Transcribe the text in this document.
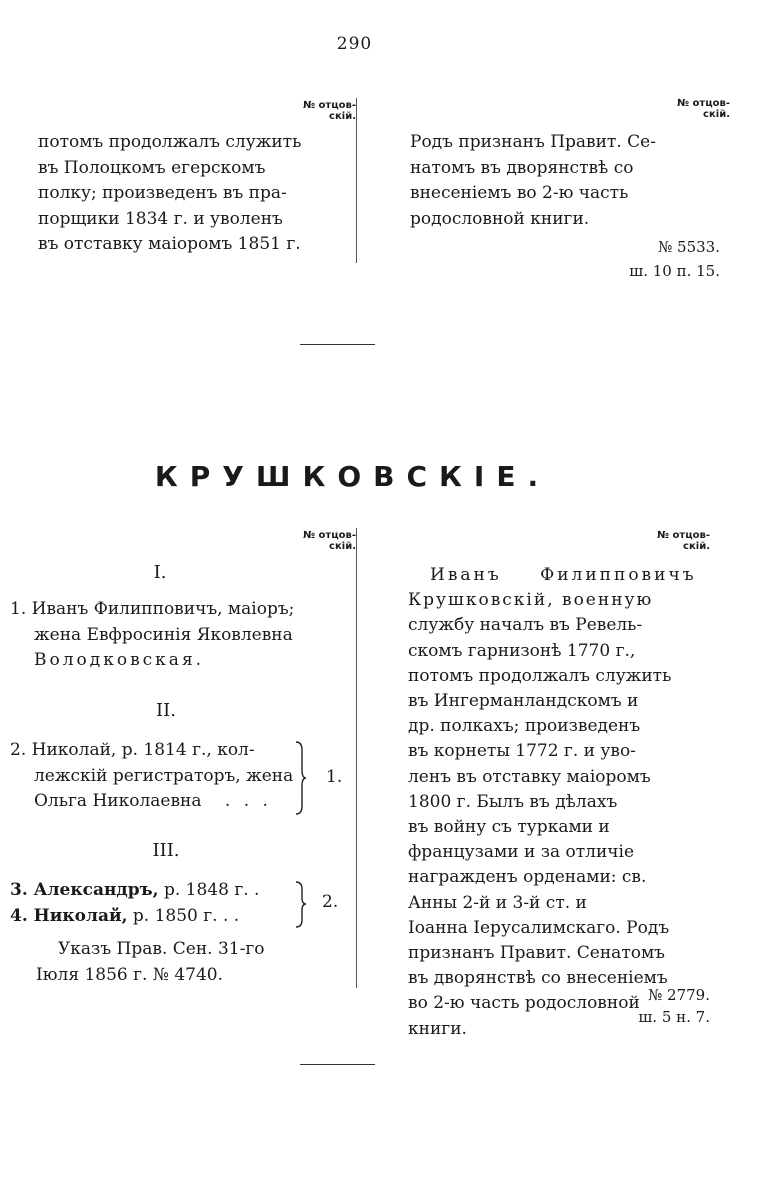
290
№ отцов-
скій.
№ отцов-
скій.
потомъ продолжалъ служить
въ Полоцкомъ егерскомъ
полку; произведенъ въ пра-
порщики 1834 г. и уволенъ
въ отставку маіоромъ 1851 г.
Родъ признанъ Правит. Се-
натомъ въ дворянствѣ со
внесеніемъ во 2-ю часть
родословной книги.
№ 5533.
ш. 10 п. 15.
КРУШКОВСКІЕ.
№ отцов-
скій.
№ отцов-
скій.
I.
1. Иванъ Филипповичъ, маіоръ;
жена Евфросинія Яковлевна
Володковская.
II.
2. Николай, р. 1814 г., кол-
лежскій регистраторъ, жена
Ольга Николаевна . . .
1.
III.
3. Александръ, р. 1848 г. .
4. Николай, р. 1850 г. . .
2.
Указъ Прав. Сен. 31-го
Іюля 1856 г. № 4740.
Иванъ Филипповичъ
Крушковскій, военную
службу началъ въ Ревель-
скомъ гарнизонѣ 1770 г.,
потомъ продолжалъ служить
въ Ингерманландскомъ и
др. полкахъ; произведенъ
въ корнеты 1772 г. и уво-
ленъ въ отставку маіоромъ
1800 г. Былъ въ дѣлахъ
въ войну съ турками и
французами и за отличіе
награжденъ орденами: св.
Анны 2-й и 3-й ст. и
Іоанна Іерусалимскаго. Родъ
признанъ Правит. Сенатомъ
въ дворянствѣ со внесеніемъ
во 2-ю часть родословной
книги.
№ 2779.
ш. 5 н. 7.
